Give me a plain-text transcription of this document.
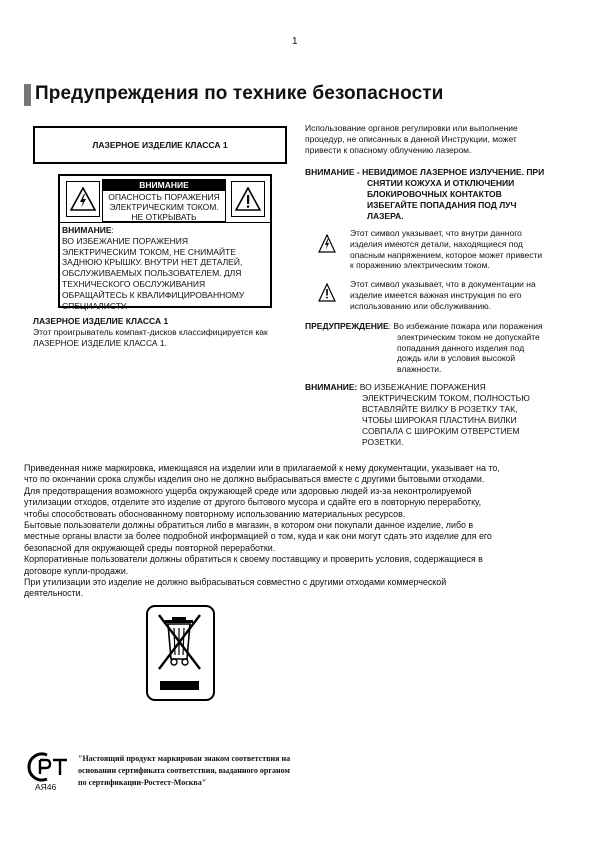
1
Предупреждения по технике безопасности
ЛАЗЕРНОЕ ИЗДЕЛИЕ КЛАССА 1
ВНИМАНИЕ
ОПАСНОСТЬ ПОРАЖЕНИЯ
ЭЛЕКТРИЧЕСКИМ ТОКОМ.
НЕ ОТКРЫВАТЬ
ВНИМАНИЕ:
ВО ИЗБЕЖАНИЕ ПОРАЖЕНИЯ
ЭЛЕКТРИЧЕСКИМ ТОКОМ, НЕ СНИМАЙТЕ
ЗАДНЮЮ КРЫШКУ. ВНУТРИ НЕТ ДЕТАЛЕЙ,
ОБСЛУЖИВАЕМЫХ ПОЛЬЗОВАТЕЛЕМ. ДЛЯ
ТЕХНИЧЕСКОГО ОБСЛУЖИВАНИЯ
ОБРАЩАЙТЕСЬ К КВАЛИФИЦИРОВАННОМУ
СПЕЦИАЛИСТУ.
ЛАЗЕРНОЕ ИЗДЕЛИЕ КЛАССА 1
Этот проигрыватель компакт-дисков классифицируется как
ЛАЗЕРНОЕ ИЗДЕЛИЕ КЛАССА 1.
Использование органов регулировки или выполнение
процедур, не описанных в данной Инструкции, может
привести к опасному облучению лазером.
ВНИМАНИЕ - НЕВИДИМОЕ ЛАЗЕРНОЕ ИЗЛУЧЕНИЕ. ПРИ
СНЯТИИ КОЖУХА И ОТКЛЮЧЕНИИ
БЛОКИРОВОЧНЫХ КОНТАКТОВ
ИЗБЕГАЙТЕ ПОПАДАНИЯ ПОД ЛУЧ
ЛАЗЕРА.
Этот символ указывает, что внутри данного
изделия имеются детали, находящиеся под
опасным напряжением, которое может привести
к поражению электрическим током.
Этот символ указывает, что в документации на
изделие имеется важная инструкция по его
использованию или обслуживанию.
ПРЕДУПРЕЖДЕНИЕ: Во избежание пожара или поражения
электрическим током не допускайте
попадания данного изделия под
дождь или в условия высокой
влажности.
ВНИМАНИЕ: ВО ИЗБЕЖАНИЕ ПОРАЖЕНИЯ
ЭЛЕКТРИЧЕСКИМ ТОКОМ, ПОЛНОСТЬЮ
ВСТАВЛЯЙТЕ ВИЛКУ В РОЗЕТКУ ТАК,
ЧТОБЫ ШИРОКАЯ ПЛАСТИНА ВИЛКИ
СОВПАЛА С ШИРОКИМ ОТВЕРСТИЕМ
РОЗЕТКИ.

Приведенная ниже маркировка, имеющаяся на изделии или в прилагаемой к нему документации, указывает на то,

что по окончании срока службы изделия оно не должно выбрасываться вместе с другими бытовыми отходами.

Для предотвращения возможного ущерба окружающей среде или здоровью людей из-за неконтролируемой

утилизации отходов, отделите это изделие от другого бытового мусора и сдайте его в повторную переработку,

чтобы способствовать обоснованному повторному использованию материальных ресурсов.

Бытовые пользователи должны обратиться либо в магазин, в котором они покупали данное изделие, либо в

местные органы власти за более подробной информацией о том, куда и как они могут сдать это изделие для его

безопасной для окружающей среды повторной переработки.

Корпоративные пользователи должны обратиться к своему поставщику и проверить условия, содержащиеся в

договоре купли-продажи.

При утилизации это изделие не должно выбрасываться совместно с другими отходами коммерческой

деятельности.

АЯ46
"Настоящий продукт маркирован знаком соответствия на
основании сертификата соответствия, выданного органом
по сертификации-Ростест-Москва"
